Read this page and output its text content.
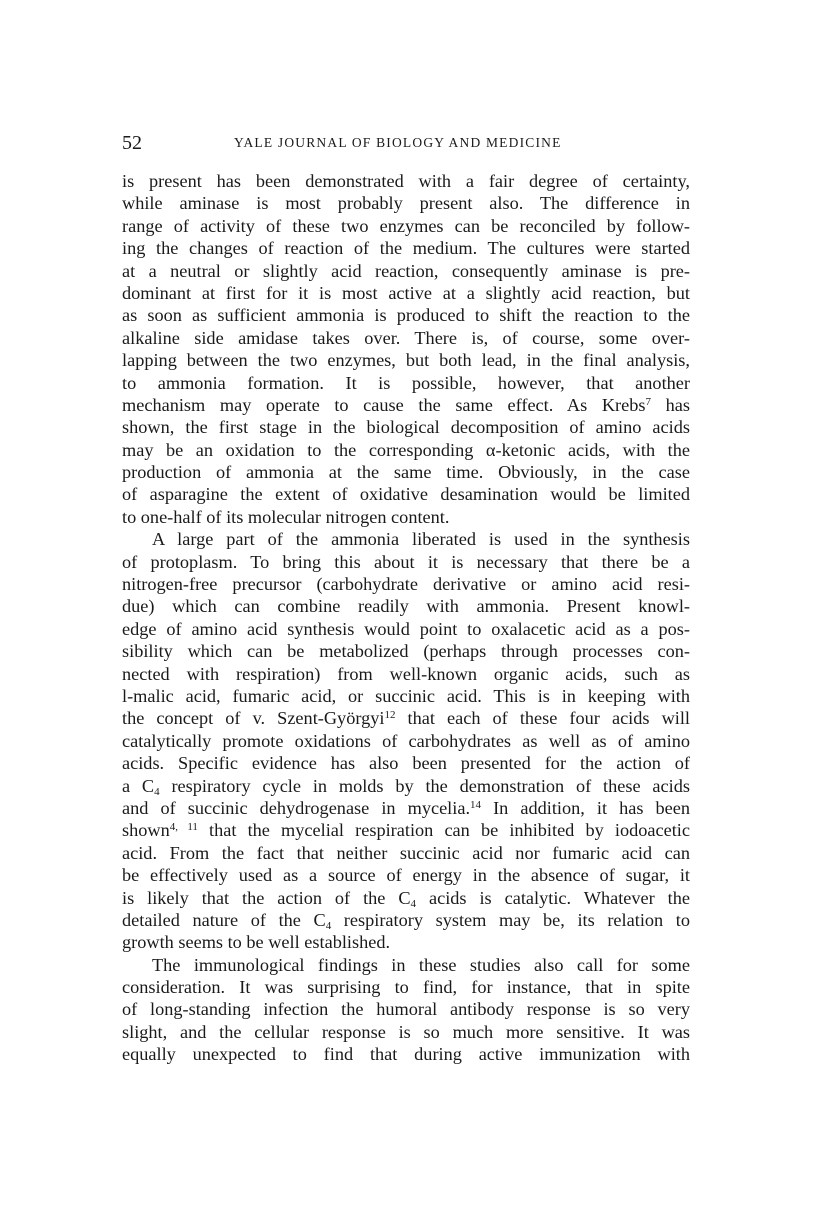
52	YALE JOURNAL OF BIOLOGY AND MEDICINE
is present has been demonstrated with a fair degree of certainty,
while aminase is most probably present also. The difference in
range of activity of these two enzymes can be reconciled by follow-
ing the changes of reaction of the medium. The cultures were started
at a neutral or slightly acid reaction, consequently aminase is pre-
dominant at first for it is most active at a slightly acid reaction, but
as soon as sufficient ammonia is produced to shift the reaction to the
alkaline side amidase takes over. There is, of course, some over-
lapping between the two enzymes, but both lead, in the final analysis,
to ammonia formation. It is possible, however, that another
mechanism may operate to cause the same effect. As Krebs$^7$ has
shown, the first stage in the biological decomposition of amino acids
may be an oxidation to the corresponding α-ketonic acids, with the
production of ammonia at the same time. Obviously, in the case
of asparagine the extent of oxidative desamination would be limited
to one-half of its molecular nitrogen content.
A large part of the ammonia liberated is used in the synthesis
of protoplasm. To bring this about it is necessary that there be a
nitrogen-free precursor (carbohydrate derivative or amino acid resi-
due) which can combine readily with ammonia. Present knowl-
edge of amino acid synthesis would point to oxalacetic acid as a pos-
sibility which can be metabolized (perhaps through processes con-
nected with respiration) from well-known organic acids, such as
l-malic acid, fumaric acid, or succinic acid. This is in keeping with
the concept of v. Szent-Györgyi$^{12}$ that each of these four acids will
catalytically promote oxidations of carbohydrates as well as of amino
acids. Specific evidence has also been presented for the action of
a $C_4$ respiratory cycle in molds by the demonstration of these acids
and of succinic dehydrogenase in mycelia.$^{14}$ In addition, it has been
shown$^{4, 11}$ that the mycelial respiration can be inhibited by iodoacetic
acid. From the fact that neither succinic acid nor fumaric acid can
be effectively used as a source of energy in the absence of sugar, it
is likely that the action of the $C_4$ acids is catalytic. Whatever the
detailed nature of the $C_4$ respiratory system may be, its relation to
growth seems to be well established.
The immunological findings in these studies also call for some
consideration. It was surprising to find, for instance, that in spite
of long-standing infection the humoral antibody response is so very
slight, and the cellular response is so much more sensitive. It was
equally unexpected to find that during active immunization with
